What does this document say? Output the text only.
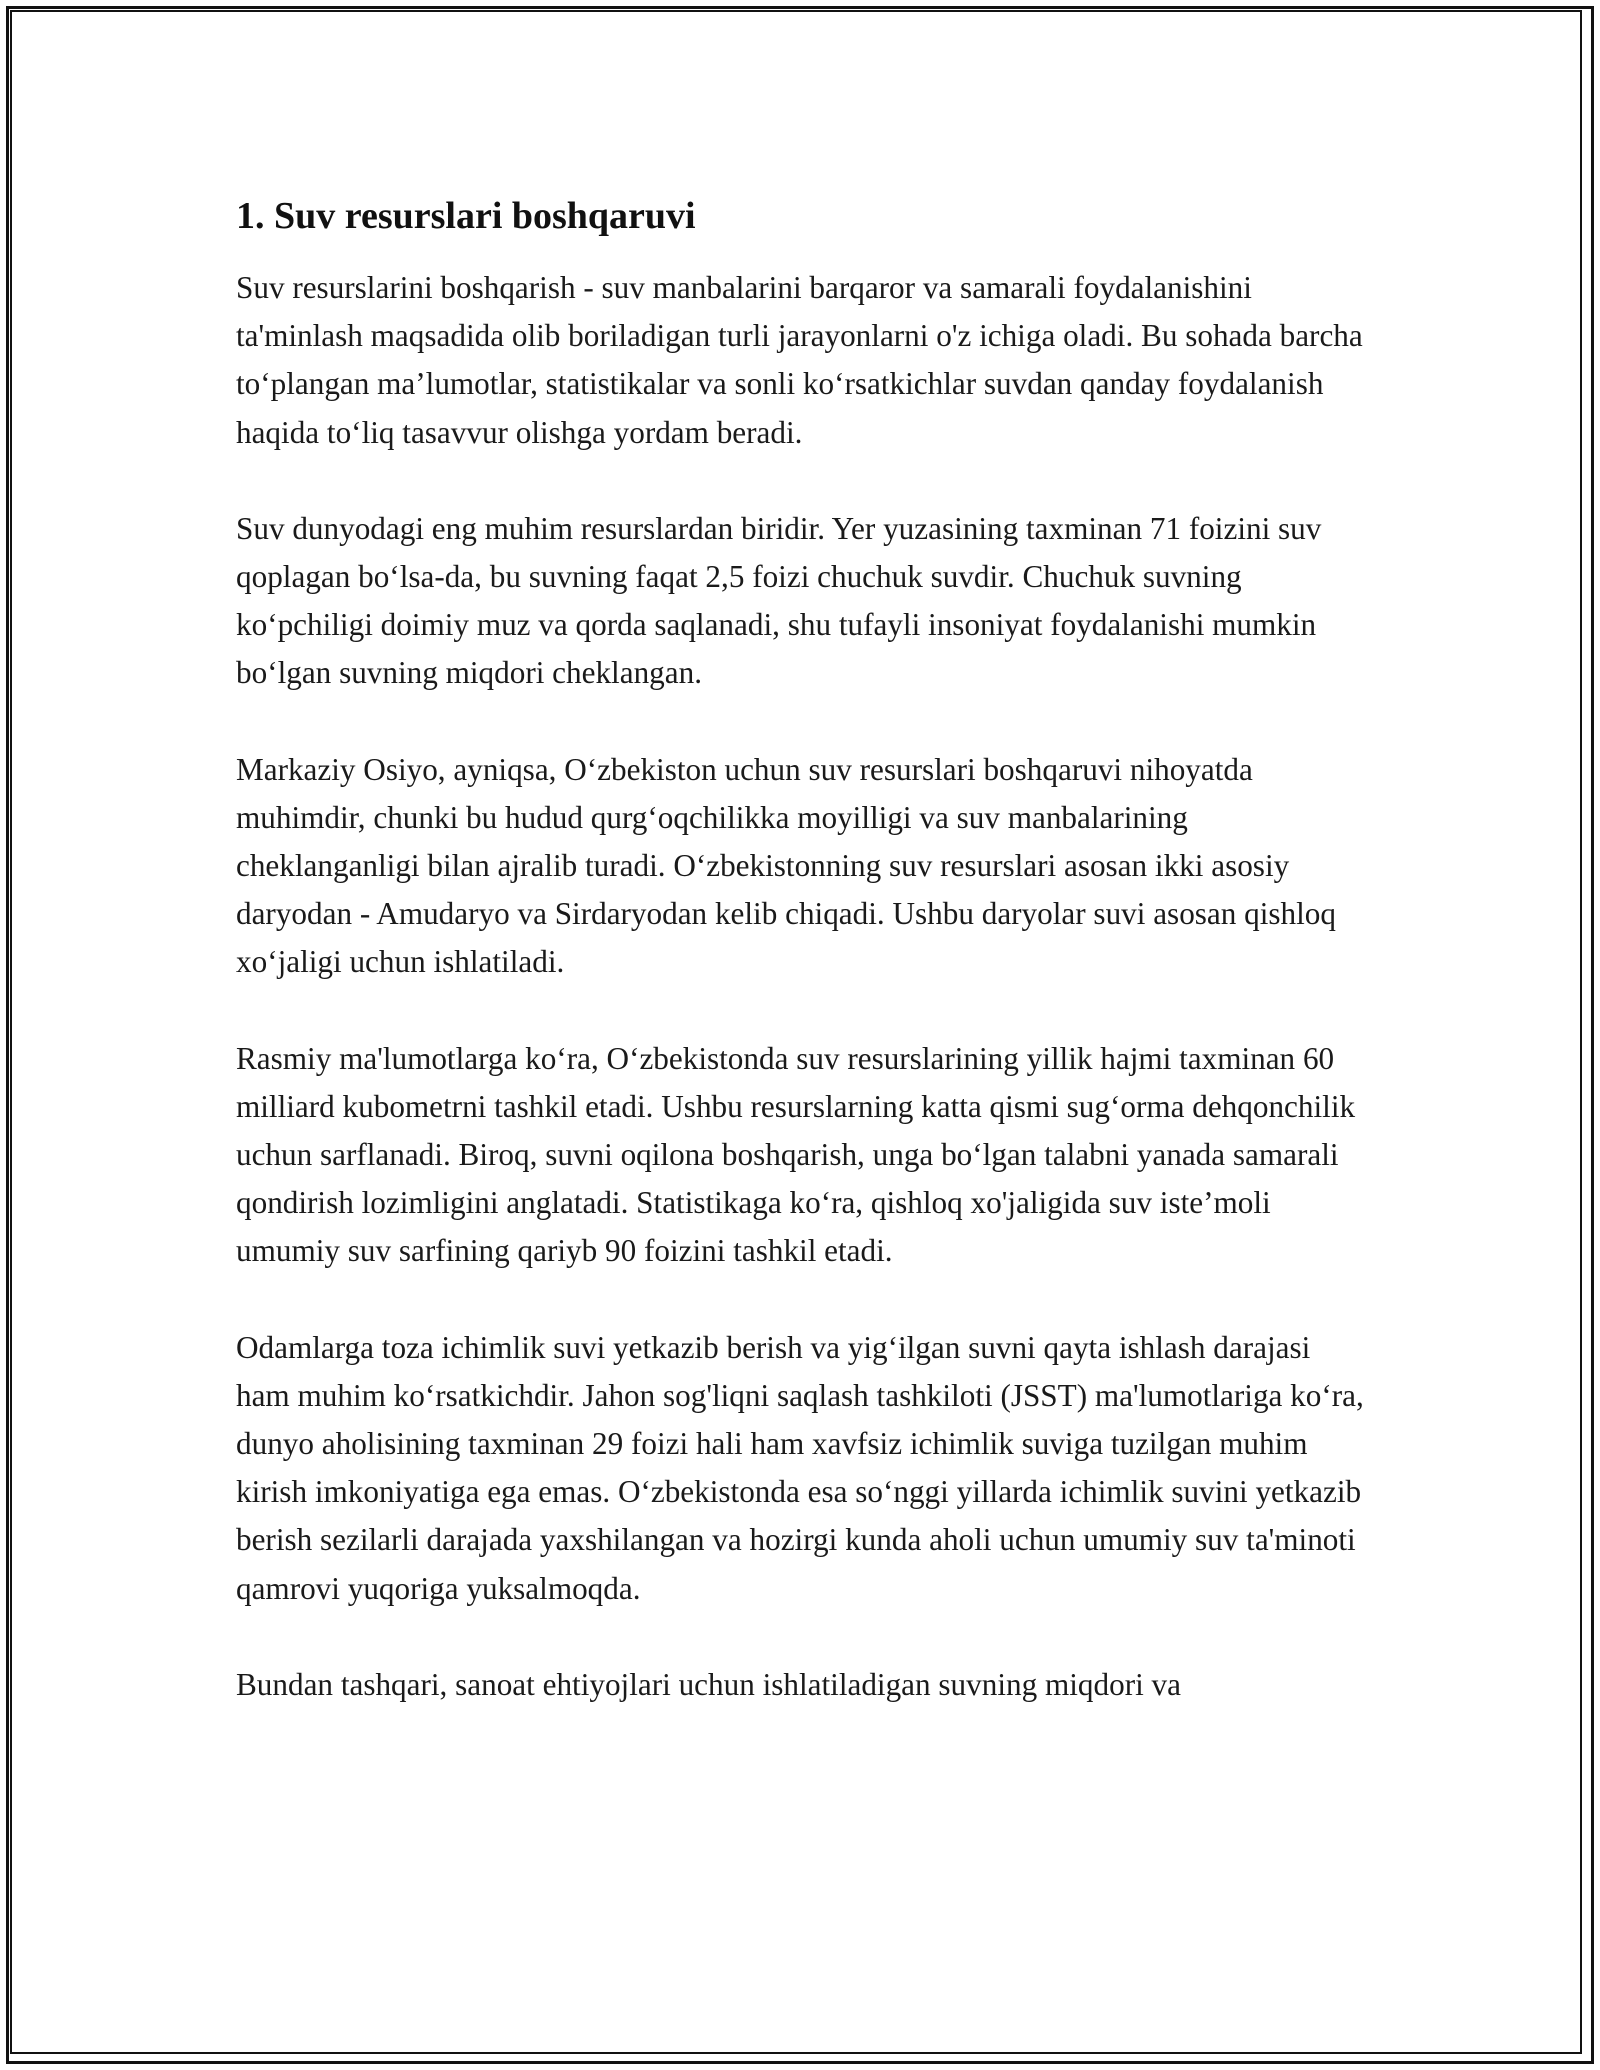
1. Suv resurslari boshqaruvi

Suv resurslarini boshqarish - suv manbalarini barqaror va samarali foydalanishini ta'minlash maqsadida olib boriladigan turli jarayonlarni o'z ichiga oladi. Bu sohada barcha to‘plangan ma’lumotlar, statistikalar va sonli ko‘rsatkichlar suvdan qanday foydalanish haqida to‘liq tasavvur olishga yordam beradi.

Suv dunyodagi eng muhim resurslardan biridir. Yer yuzasining taxminan 71 foizini suv qoplagan bo‘lsa-da, bu suvning faqat 2,5 foizi chuchuk suvdir. Chuchuk suvning ko‘pchiligi doimiy muz va qorda saqlanadi, shu tufayli insoniyat foydalanishi mumkin bo‘lgan suvning miqdori cheklangan.

Markaziy Osiyo, ayniqsa, O‘zbekiston uchun suv resurslari boshqaruvi nihoyatda muhimdir, chunki bu hudud qurg‘oqchilikka moyilligi va suv manbalarining cheklanganligi bilan ajralib turadi. O‘zbekistonning suv resurslari asosan ikki asosiy daryodan - Amudaryo va Sirdaryodan kelib chiqadi. Ushbu daryolar suvi asosan qishloq xo‘jaligi uchun ishlatiladi.

Rasmiy ma'lumotlarga ko‘ra, O‘zbekistonda suv resurslarining yillik hajmi taxminan 60 milliard kubometrni tashkil etadi. Ushbu resurslarning katta qismi sug‘orma dehqonchilik uchun sarflanadi. Biroq, suvni oqilona boshqarish, unga bo‘lgan talabni yanada samarali qondirish lozimligini anglatadi. Statistikaga ko‘ra, qishloq xo'jaligida suv iste’moli umumiy suv sarfining qariyb 90 foizini tashkil etadi.

Odamlarga toza ichimlik suvi yetkazib berish va yig‘ilgan suvni qayta ishlash darajasi ham muhim ko‘rsatkichdir. Jahon sog'liqni saqlash tashkiloti (JSST) ma'lumotlariga ko‘ra, dunyo aholisining taxminan 29 foizi hali ham xavfsiz ichimlik suviga tuzilgan muhim kirish imkoniyatiga ega emas. O‘zbekistonda esa so‘nggi yillarda ichimlik suvini yetkazib berish sezilarli darajada yaxshilangan va hozirgi kunda aholi uchun umumiy suv ta'minoti qamrovi yuqoriga yuksalmoqda.

Bundan tashqari, sanoat ehtiyojlari uchun ishlatiladigan suvning miqdori va
